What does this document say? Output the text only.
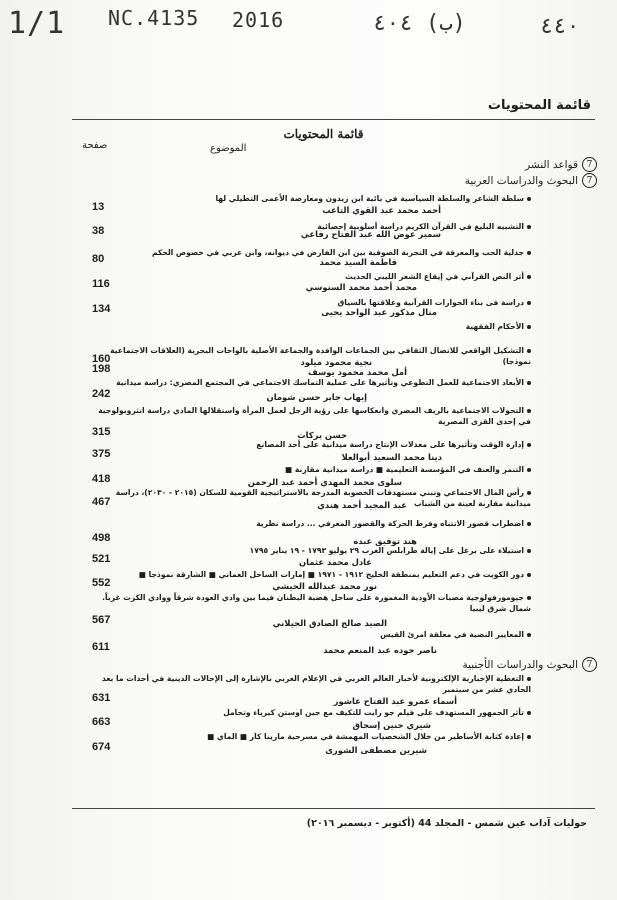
1/1 NC.4135 2016	(ب) ٤٠٤	٤٤٠
قائمة المحتويات
قائمة المحتويات
الموضوع
صفحة
7
قواعد النشر
7
البحوث والدراسات العربية
7
البحوث والدراسات الأجنبية
سلطة الشاعر والسلطة السياسية في بائية ابن زيدون ومعارضة الأعمى التطيلي لها
أحمد محمد عبد القوي التاعب
13
التشبيه البليغ في القرآن الكريم دراسة أسلوبية إحصائية
سمير عوض الله عبد الفتاح رفاعي
38
جدلية الحب والمعرفة في التجربة الصوفية بين ابن الفارض في ديوانه، وابن عربي في خصوص الحكم
فاطمة السيد محمد
80
أثر النص القرآني في إيقاع الشعر الليبي الحديث
محمد أحمد محمد السنوسي
116
دراسة فى بناء الحوارات القرآنية وعلاقتها بالسياق
منال مذكور عبد الواحد يحيى
134
الأحكام الفقهية
نجية محمود ميلود
160
التشكيل الواقعي للاتصال الثقافي بين الجماعات الوافدة والجماعة الأصلية بالواحات البحرية (العلاقات الاجتماعية نموذجا)
أمل محمد محمود يوسف
198
الأبعاد الاجتماعية للعمل التطوعي وتأثيرها على عملية التماسك الاجتماعي في المجتمع المصري: دراسة ميدانية
إيهاب جابر حسن شومان
242
التحولات الاجتماعية بالريف المصري وانعكاسها على رؤية الرجل لعمل المرأة واستقلالها المادي دراسة انثروبولوجية في إحدى القرى المصرية
حسن بركات
315
إدارة الوقت وتأثيرها على معدلات الإنتاج دراسة ميدانية على أحد المصانع
دينا محمد السعيد أبوالعلا
375
التنمر والعنف في المؤسسة التعليمية ■ دراسة ميدانية مقارنة ■
سلوى محمد المهدي أحمد عبد الرحمن
418
رأس المال الاجتماعي وتبني مستهدفات الخصوبة المدرجة بالاستراتيجية القومية للسكان (٢٠١٥ - ٢٠٣٠)، دراسة ميدانية مقارنة لعينة من الشباب
عبد المجيد أحمد هندي
467
اضطراب قصور الانتباه وفرط الحركة والقصور المعرفي ... دراسة نظرية
هند توفيق عبده
498
استيلاء على برغل على إيالة طرابلس الغرب ٢٩ يوليو ١٧٩٣ - ١٩ يناير ١٧٩٥
عادل محمد عثمان
521
دور الكويت في دعم التعليم بمنطقة الخليج ١٩١٢ - ١٩٧١ ■ إمارات الساحل العماني ■ الشارقة نموذجا ■
نور محمد عبدالله الحيشي
552
جيومورفولوجية مصبات الأودية المغمورة على ساحل هضبة البطنان فيما بين وادي العودة شرقاً ووادي الكرث غرباً. شمال شرق ليبيا
الصيد صالح الصادق الجيلاني
567
المعايير النصية في معلقة امرئ القيس
ناصر جوده عبد المنعم محمد
611
التغطية الإخبارية الإلكترونية لأخبار العالم العربي في الإعلام الغربي بالإشارة إلى الإحالات الدينية في أحداث ما بعد الحادي عشر من سبتمبر
أسماء عمرو عبد الفتاح عاشور
631
تأثر الجمهور المستهدف على فيلم جو رايت للتكيف مع جين اوستن كبرياء وتحامل
شيري حنين إسحاق
663
إعادة كتابة الأساطير من خلال الشخصيات المهمشة في مسرحية مارينا كار ■ الماي ■
شيرين مصطفى الشورى
674
حوليات آداب عين شمس - المجلد 44 (أكتوبر - ديسمبر ٢٠١٦)
